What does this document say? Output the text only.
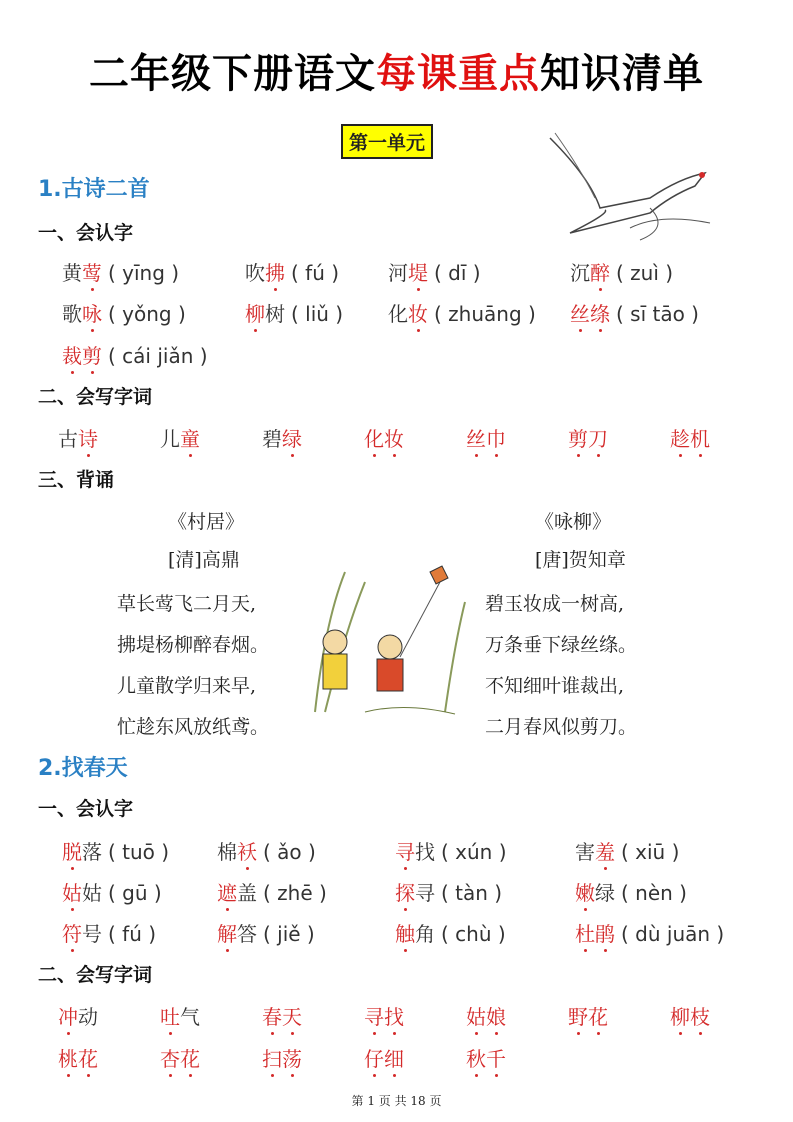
二年级下册语文每课重点知识清单
第一单元
第 1 页 共 18 页
1.古诗二首
一、会认字
黄莺 ( yīng )	吹拂 ( fú ) 河堤 ( dī )	沉醉 ( zuì )
歌咏 ( yǒng )	柳树 ( liǔ ) 化妆 ( zhuāng ) 丝绦 ( sī tāo )
裁剪 ( cái jiǎn )
二、会写字词
古诗	儿童	碧绿	化妆	丝巾	剪刀	趁机
三、背诵
《村居》
[清]高鼎
草长莺飞二月天,
拂堤杨柳醉春烟。
儿童散学归来早,
忙趁东风放纸鸢。
《咏柳》
[唐]贺知章
碧玉妆成一树高,
万条垂下绿丝绦。
不知细叶谁裁出,
二月春风似剪刀。
2.找春天
一、会认字
脱落 ( tuō ) 棉袄 ( ǎo )	寻找 ( xún )	害羞 ( xiū )
姑姑 ( gū )	遮盖 ( zhē )	探寻 ( tàn )	嫩绿 ( nèn )
符号 ( fú )	解答 ( jiě )	触角 ( chù )	杜鹃 ( dù juān )
二、会写字词
冲动	吐气	春天	寻找	姑娘	野花	柳枝
桃花	杏花	扫荡	仔细	秋千
